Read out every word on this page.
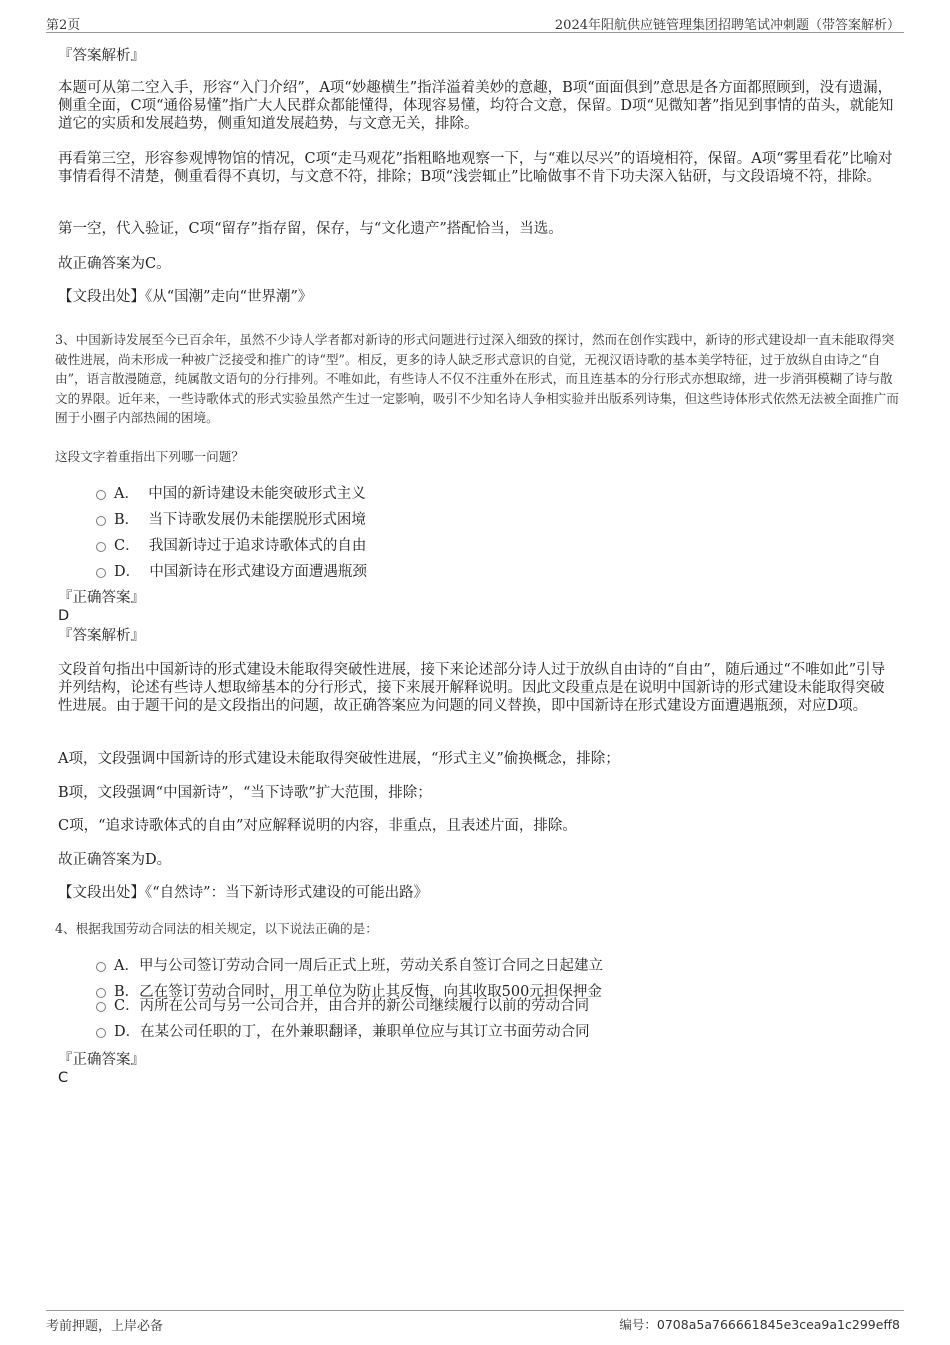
第2页	2024年阳航供应链管理集团招聘笔试冲刺题（带答案解析）

『答案解析』

本题可从第二空入手，形容“入门介绍”，A项“妙趣横生”指洋溢着美妙的意趣，B项“面面俱到”意思是各方面都照顾到，没有遗漏，侧重全面，C项“通俗易懂”指广大人民群众都能懂得，体现容易懂，均符合文意，保留。D项“见微知著”指见到事情的苗头，就能知道它的实质和发展趋势，侧重知道发展趋势，与文意无关，排除。

再看第三空，形容参观博物馆的情况，C项“走马观花”指粗略地观察一下，与“难以尽兴”的语境相符，保留。A项“雾里看花”比喻对事情看得不清楚，侧重看得不真切，与文意不符，排除；B项“浅尝辄止”比喻做事不肯下功夫深入钻研，与文段语境不符，排除。

第一空，代入验证，C项“留存”指存留，保存，与“文化遗产”搭配恰当，当选。

故正确答案为C。

【文段出处】《从“国潮”走向“世界潮”》

3、中国新诗发展至今已百余年，虽然不少诗人学者都对新诗的形式问题进行过深入细致的探讨，然而在创作实践中，新诗的形式建设却一直未能取得突破性进展，尚未形成一种被广泛接受和推广的诗“型”。相反，更多的诗人缺乏形式意识的自觉，无视汉语诗歌的基本美学特征，过于放纵自由诗之“自由”，语言散漫随意，纯属散文语句的分行排列。不唯如此，有些诗人不仅不注重外在形式，而且连基本的分行形式亦想取缔，进一步消弭模糊了诗与散文的界限。近年来，一些诗歌体式的形式实验虽然产生过一定影响，吸引不少知名诗人争相实验并出版系列诗集，但这些诗体形式依然无法被全面推广而囿于小圈子内部热闹的困境。

这段文字着重指出下列哪一问题？

A． 中国的新诗建设未能突破形式主义
B． 当下诗歌发展仍未能摆脱形式困境
C． 我国新诗过于追求诗歌体式的自由
D． 中国新诗在形式建设方面遭遇瓶颈

『正确答案』

D

『答案解析』

文段首句指出中国新诗的形式建设未能取得突破性进展，接下来论述部分诗人过于放纵自由诗的“自由”，随后通过“不唯如此”引导并列结构，论述有些诗人想取缔基本的分行形式，接下来展开解释说明。因此文段重点是在说明中国新诗的形式建设未能取得突破性进展。由于题干问的是文段指出的问题，故正确答案应为问题的同义替换，即中国新诗在形式建设方面遭遇瓶颈，对应D项。

A项，文段强调中国新诗的形式建设未能取得突破性进展，“形式主义”偷换概念，排除；

B项，文段强调“中国新诗”，“当下诗歌”扩大范围，排除；

C项，“追求诗歌体式的自由”对应解释说明的内容，非重点，且表述片面，排除。

故正确答案为D。

【文段出处】《“自然诗”：当下新诗形式建设的可能出路》

4、根据我国劳动合同法的相关规定，以下说法正确的是：

A．甲与公司签订劳动合同一周后正式上班，劳动关系自签订合同之日起建立
B．乙在签订劳动合同时，用工单位为防止其反悔，向其收取500元担保押金
C．丙所在公司与另一公司合并，由合并的新公司继续履行以前的劳动合同
D．在某公司任职的丁，在外兼职翻译，兼职单位应与其订立书面劳动合同

『正确答案』

C

考前押题，上岸必备	编号：0708a5a766661845e3cea9a1c299eff8
